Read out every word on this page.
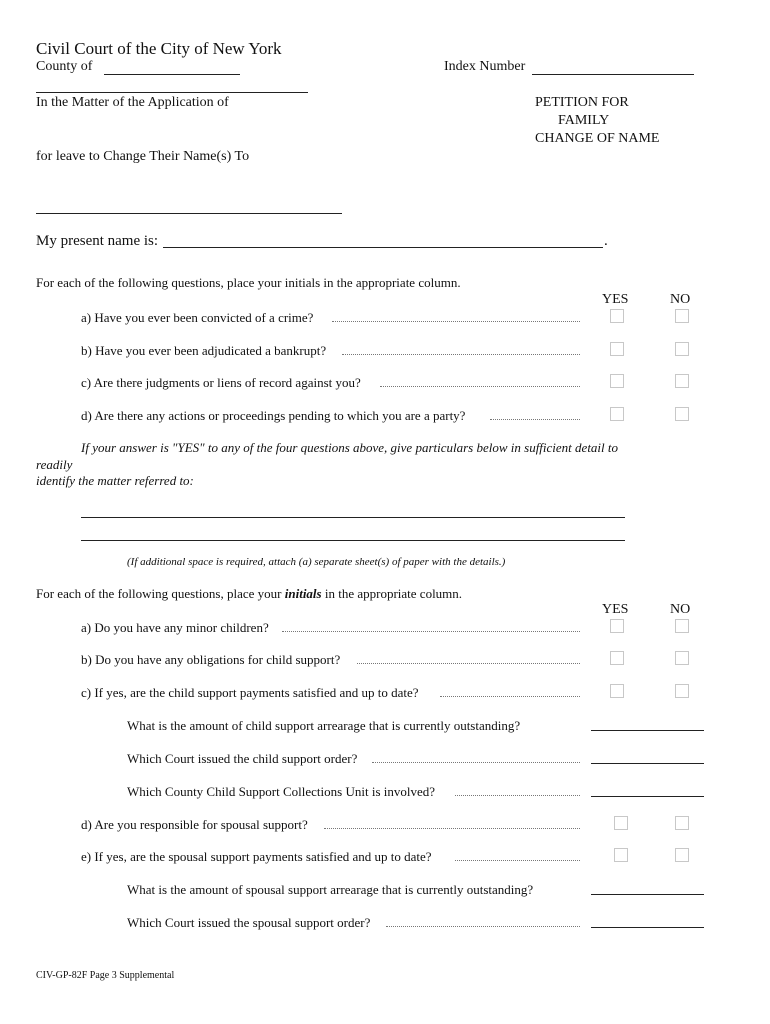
Civil Court of the City of New York
County of	Index Number
In the Matter of the Application of	PETITION FOR
FAMILY
CHANGE OF NAME
for leave to Change Their Name(s) To
My present name is:	.
For each of the following questions, place your initials in the appropriate column.
YES	NO
a) Have you ever been convicted of a crime?
b) Have you ever been adjudicated a bankrupt?
c) Are there judgments or liens of record against you?
d) Are there any actions or proceedings pending to which you are a party?
If your answer is "YES" to any of the four questions above, give particulars below in sufficient detail to
readily
identify the matter referred to:
(If additional space is required, attach (a) separate sheet(s) of paper with the details.)
For each of the following questions, place your initials in the appropriate column.
YES	NO
a) Do you have any minor children?
b) Do you have any obligations for child support?
c) If yes, are the child support payments satisfied and up to date?
What is the amount of child support arrearage that is currently outstanding?
Which Court issued the child support order?
Which County Child Support Collections Unit is involved?
d) Are you responsible for spousal support?
e) If yes, are the spousal support payments satisfied and up to date?
What is the amount of spousal support arrearage that is currently outstanding?
Which Court issued the spousal support order?
CIV-GP-82F Page 3 Supplemental
